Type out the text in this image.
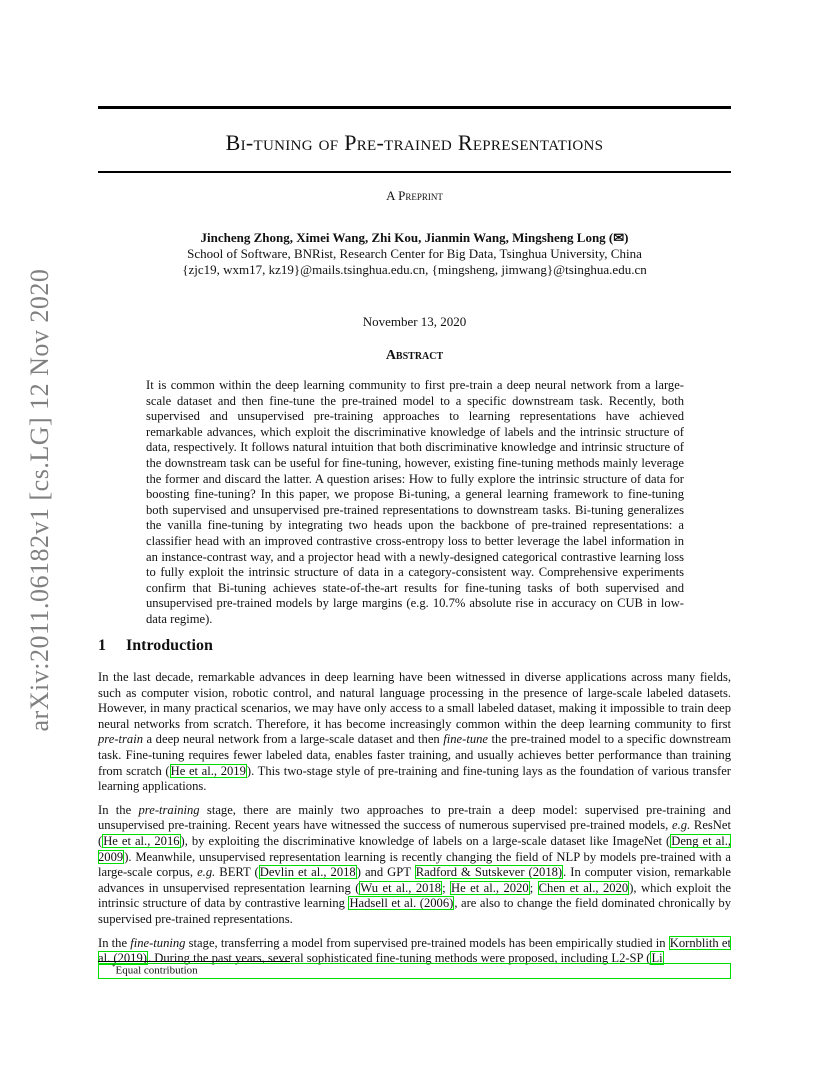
arXiv:2011.06182v1 [cs.LG] 12 Nov 2020
Bi-tuning of Pre-trained Representations
A Preprint
Jincheng Zhong, Ximei Wang, Zhi Kou, Jianmin Wang, Mingsheng Long (✉)
School of Software, BNRist, Research Center for Big Data, Tsinghua University, China
{zjc19, wxm17, kz19}@mails.tsinghua.edu.cn, {mingsheng, jimwang}@tsinghua.edu.cn
November 13, 2020
Abstract
It is common within the deep learning community to first pre-train a deep neural network from a large-scale dataset and then fine-tune the pre-trained model to a specific downstream task. Recently, both supervised and unsupervised pre-training approaches to learning representations have achieved remarkable advances, which exploit the discriminative knowledge of labels and the intrinsic structure of data, respectively. It follows natural intuition that both discriminative knowledge and intrinsic structure of the downstream task can be useful for fine-tuning, however, existing fine-tuning methods mainly leverage the former and discard the latter. A question arises: How to fully explore the intrinsic structure of data for boosting fine-tuning? In this paper, we propose Bi-tuning, a general learning framework to fine-tuning both supervised and unsupervised pre-trained representations to downstream tasks. Bi-tuning generalizes the vanilla fine-tuning by integrating two heads upon the backbone of pre-trained representations: a classifier head with an improved contrastive cross-entropy loss to better leverage the label information in an instance-contrast way, and a projector head with a newly-designed categorical contrastive learning loss to fully exploit the intrinsic structure of data in a category-consistent way. Comprehensive experiments confirm that Bi-tuning achieves state-of-the-art results for fine-tuning tasks of both supervised and unsupervised pre-trained models by large margins (e.g. 10.7% absolute rise in accuracy on CUB in low-data regime).
1 Introduction

In the last decade, remarkable advances in deep learning have been witnessed in diverse applications across many fields, such as computer vision, robotic control, and natural language processing in the presence of large-scale labeled datasets. However, in many practical scenarios, we may have only access to a small labeled dataset, making it impossible to train deep neural networks from scratch. Therefore, it has become increasingly common within the deep learning community to first pre-train a deep neural network from a large-scale dataset and then fine-tune the pre-trained model to a specific downstream task. Fine-tuning requires fewer labeled data, enables faster training, and usually achieves better performance than training from scratch (He et al., 2019). This two-stage style of pre-training and fine-tuning lays as the foundation of various transfer learning applications.

In the pre-training stage, there are mainly two approaches to pre-train a deep model: supervised pre-training and unsupervised pre-training. Recent years have witnessed the success of numerous supervised pre-trained models, e.g. ResNet (He et al., 2016), by exploiting the discriminative knowledge of labels on a large-scale dataset like ImageNet (Deng et al., 2009). Meanwhile, unsupervised representation learning is recently changing the field of NLP by models pre-trained with a large-scale corpus, e.g. BERT (Devlin et al., 2018) and GPT Radford & Sutskever (2018). In computer vision, remarkable advances in unsupervised representation learning (Wu et al., 2018; He et al., 2020; Chen et al., 2020), which exploit the intrinsic structure of data by contrastive learning Hadsell et al. (2006), are also to change the field dominated chronically by supervised pre-trained representations.

In the fine-tuning stage, transferring a model from supervised pre-trained models has been empirically studied in Kornblith et al. (2019). During the past years, several sophisticated fine-tuning methods were proposed, including L2-SP (Li

*Equal contribution
